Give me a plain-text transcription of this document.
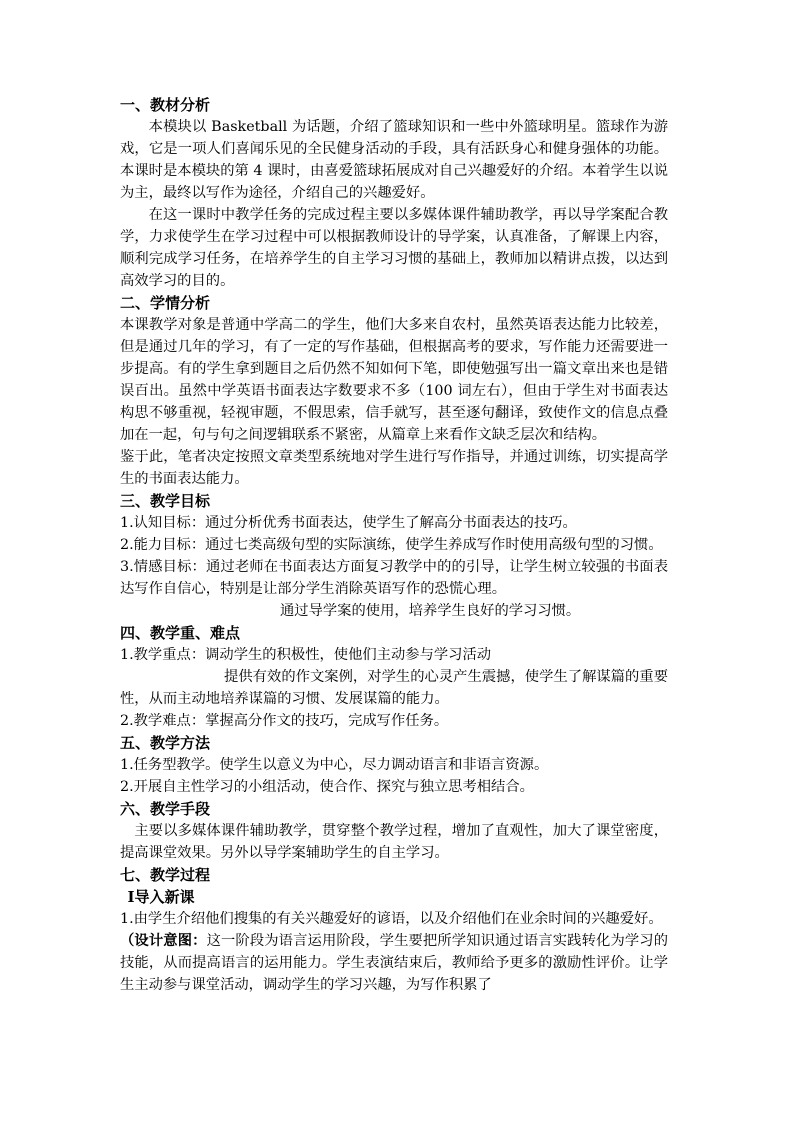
一、教材分析

本模块以 Basketball 为话题，介绍了篮球知识和一些中外篮球明星。篮球作为游戏，它是一项人们喜闻乐见的全民健身活动的手段，具有活跃身心和健身强体的功能。本课时是本模块的第 4 课时，由喜爱篮球拓展成对自己兴趣爱好的介绍。本着学生以说为主，最终以写作为途径，介绍自己的兴趣爱好。

在这一课时中教学任务的完成过程主要以多媒体课件辅助教学，再以导学案配合教学，力求使学生在学习过程中可以根据教师设计的导学案，认真准备，了解课上内容，顺利完成学习任务，在培养学生的自主学习习惯的基础上，教师加以精讲点拨，以达到高效学习的目的。

二、学情分析

本课教学对象是普通中学高二的学生，他们大多来自农村，虽然英语表达能力比较差，但是通过几年的学习，有了一定的写作基础，但根据高考的要求，写作能力还需要进一步提高。有的学生拿到题目之后仍然不知如何下笔，即使勉强写出一篇文章出来也是错误百出。虽然中学英语书面表达字数要求不多（100 词左右），但由于学生对书面表达构思不够重视，轻视审题，不假思索，信手就写，甚至逐句翻译，致使作文的信息点叠加在一起，句与句之间逻辑联系不紧密，从篇章上来看作文缺乏层次和结构。

鉴于此，笔者决定按照文章类型系统地对学生进行写作指导，并通过训练，切实提高学生的书面表达能力。

三、教学目标

1.认知目标：通过分析优秀书面表达，使学生了解高分书面表达的技巧。

2.能力目标：通过七类高级句型的实际演练，使学生养成写作时使用高级句型的习惯。

3.情感目标：通过老师在书面表达方面复习教学中的的引导，让学生树立较强的书面表达写作自信心，特别是让部分学生消除英语写作的恐慌心理。

通过导学案的使用，培养学生良好的学习习惯。

四、教学重、难点

1.教学重点：调动学生的积极性，使他们主动参与学习活动

提供有效的作文案例，对学生的心灵产生震撼，使学生了解谋篇的重要性，从而主动地培养谋篇的习惯、发展谋篇的能力。

2.教学难点：掌握高分作文的技巧，完成写作任务。

五、教学方法

1.任务型教学。使学生以意义为中心，尽力调动语言和非语言资源。

2.开展自主性学习的小组活动，使合作、探究与独立思考相结合。

六、教学手段

主要以多媒体课件辅助教学，贯穿整个教学过程，增加了直观性，加大了课堂密度，提高课堂效果。另外以导学案辅助学生的自主学习。

七、教学过程

Ⅰ导入新课

1.由学生介绍他们搜集的有关兴趣爱好的谚语，以及介绍他们在业余时间的兴趣爱好。

（设计意图：这一阶段为语言运用阶段，学生要把所学知识通过语言实践转化为学习的技能，从而提高语言的运用能力。学生表演结束后，教师给予更多的激励性评价。让学生主动参与课堂活动，调动学生的学习兴趣，为写作积累了
